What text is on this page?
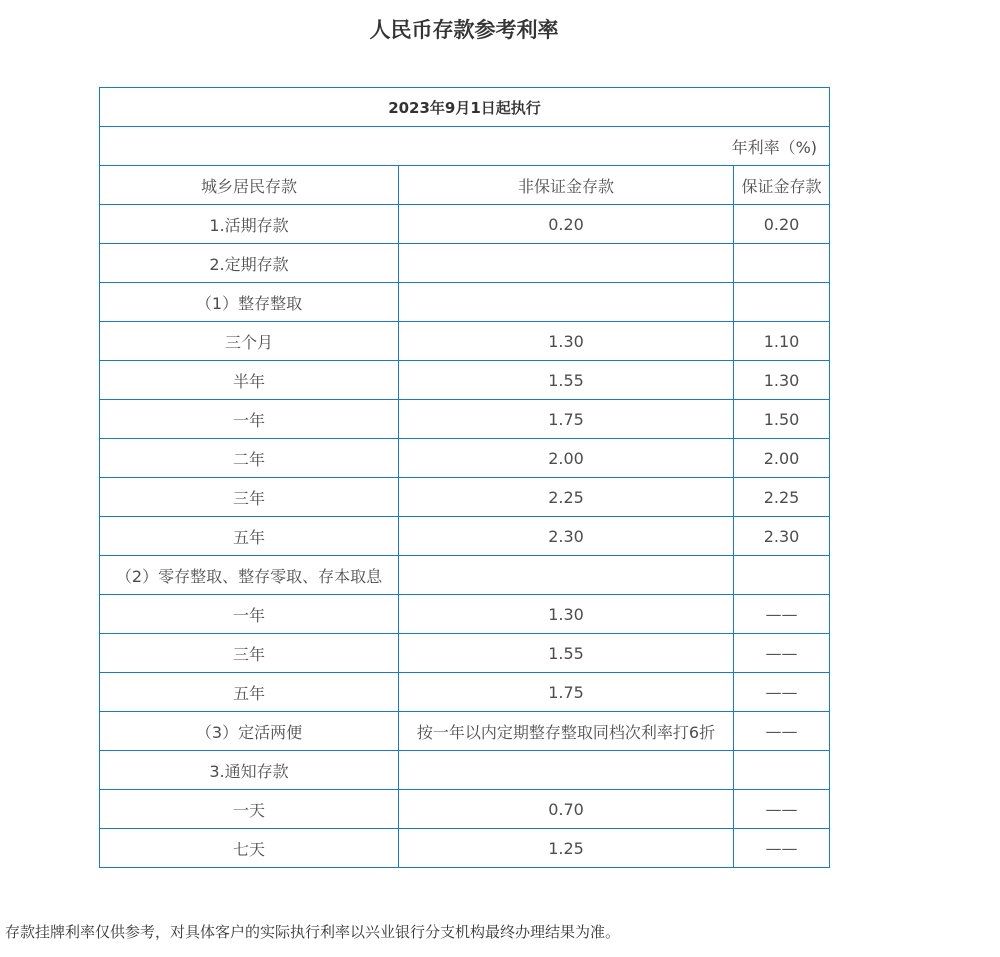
人民币存款参考利率
2023年9月1日起执行		
年利率（%)		
城乡居民存款	非保证金存款	保证金存款
1.活期存款	0.20	0.20
2.定期存款		
（1）整存整取		
三个月	1.30	1.10
半年	1.55	1.30
一年	1.75	1.50
二年	2.00	2.00
三年	2.25	2.25
五年	2.30	2.30
（2）零存整取、整存零取、存本取息		
一年	1.30	——
三年	1.55	——
五年	1.75	——
（3）定活两便	按一年以内定期整存整取同档次利率打6折	——
3.通知存款		
一天	0.70	——
七天	1.25	——
存款挂牌利率仅供参考，对具体客户的实际执行利率以兴业银行分支机构最终办理结果为准。
